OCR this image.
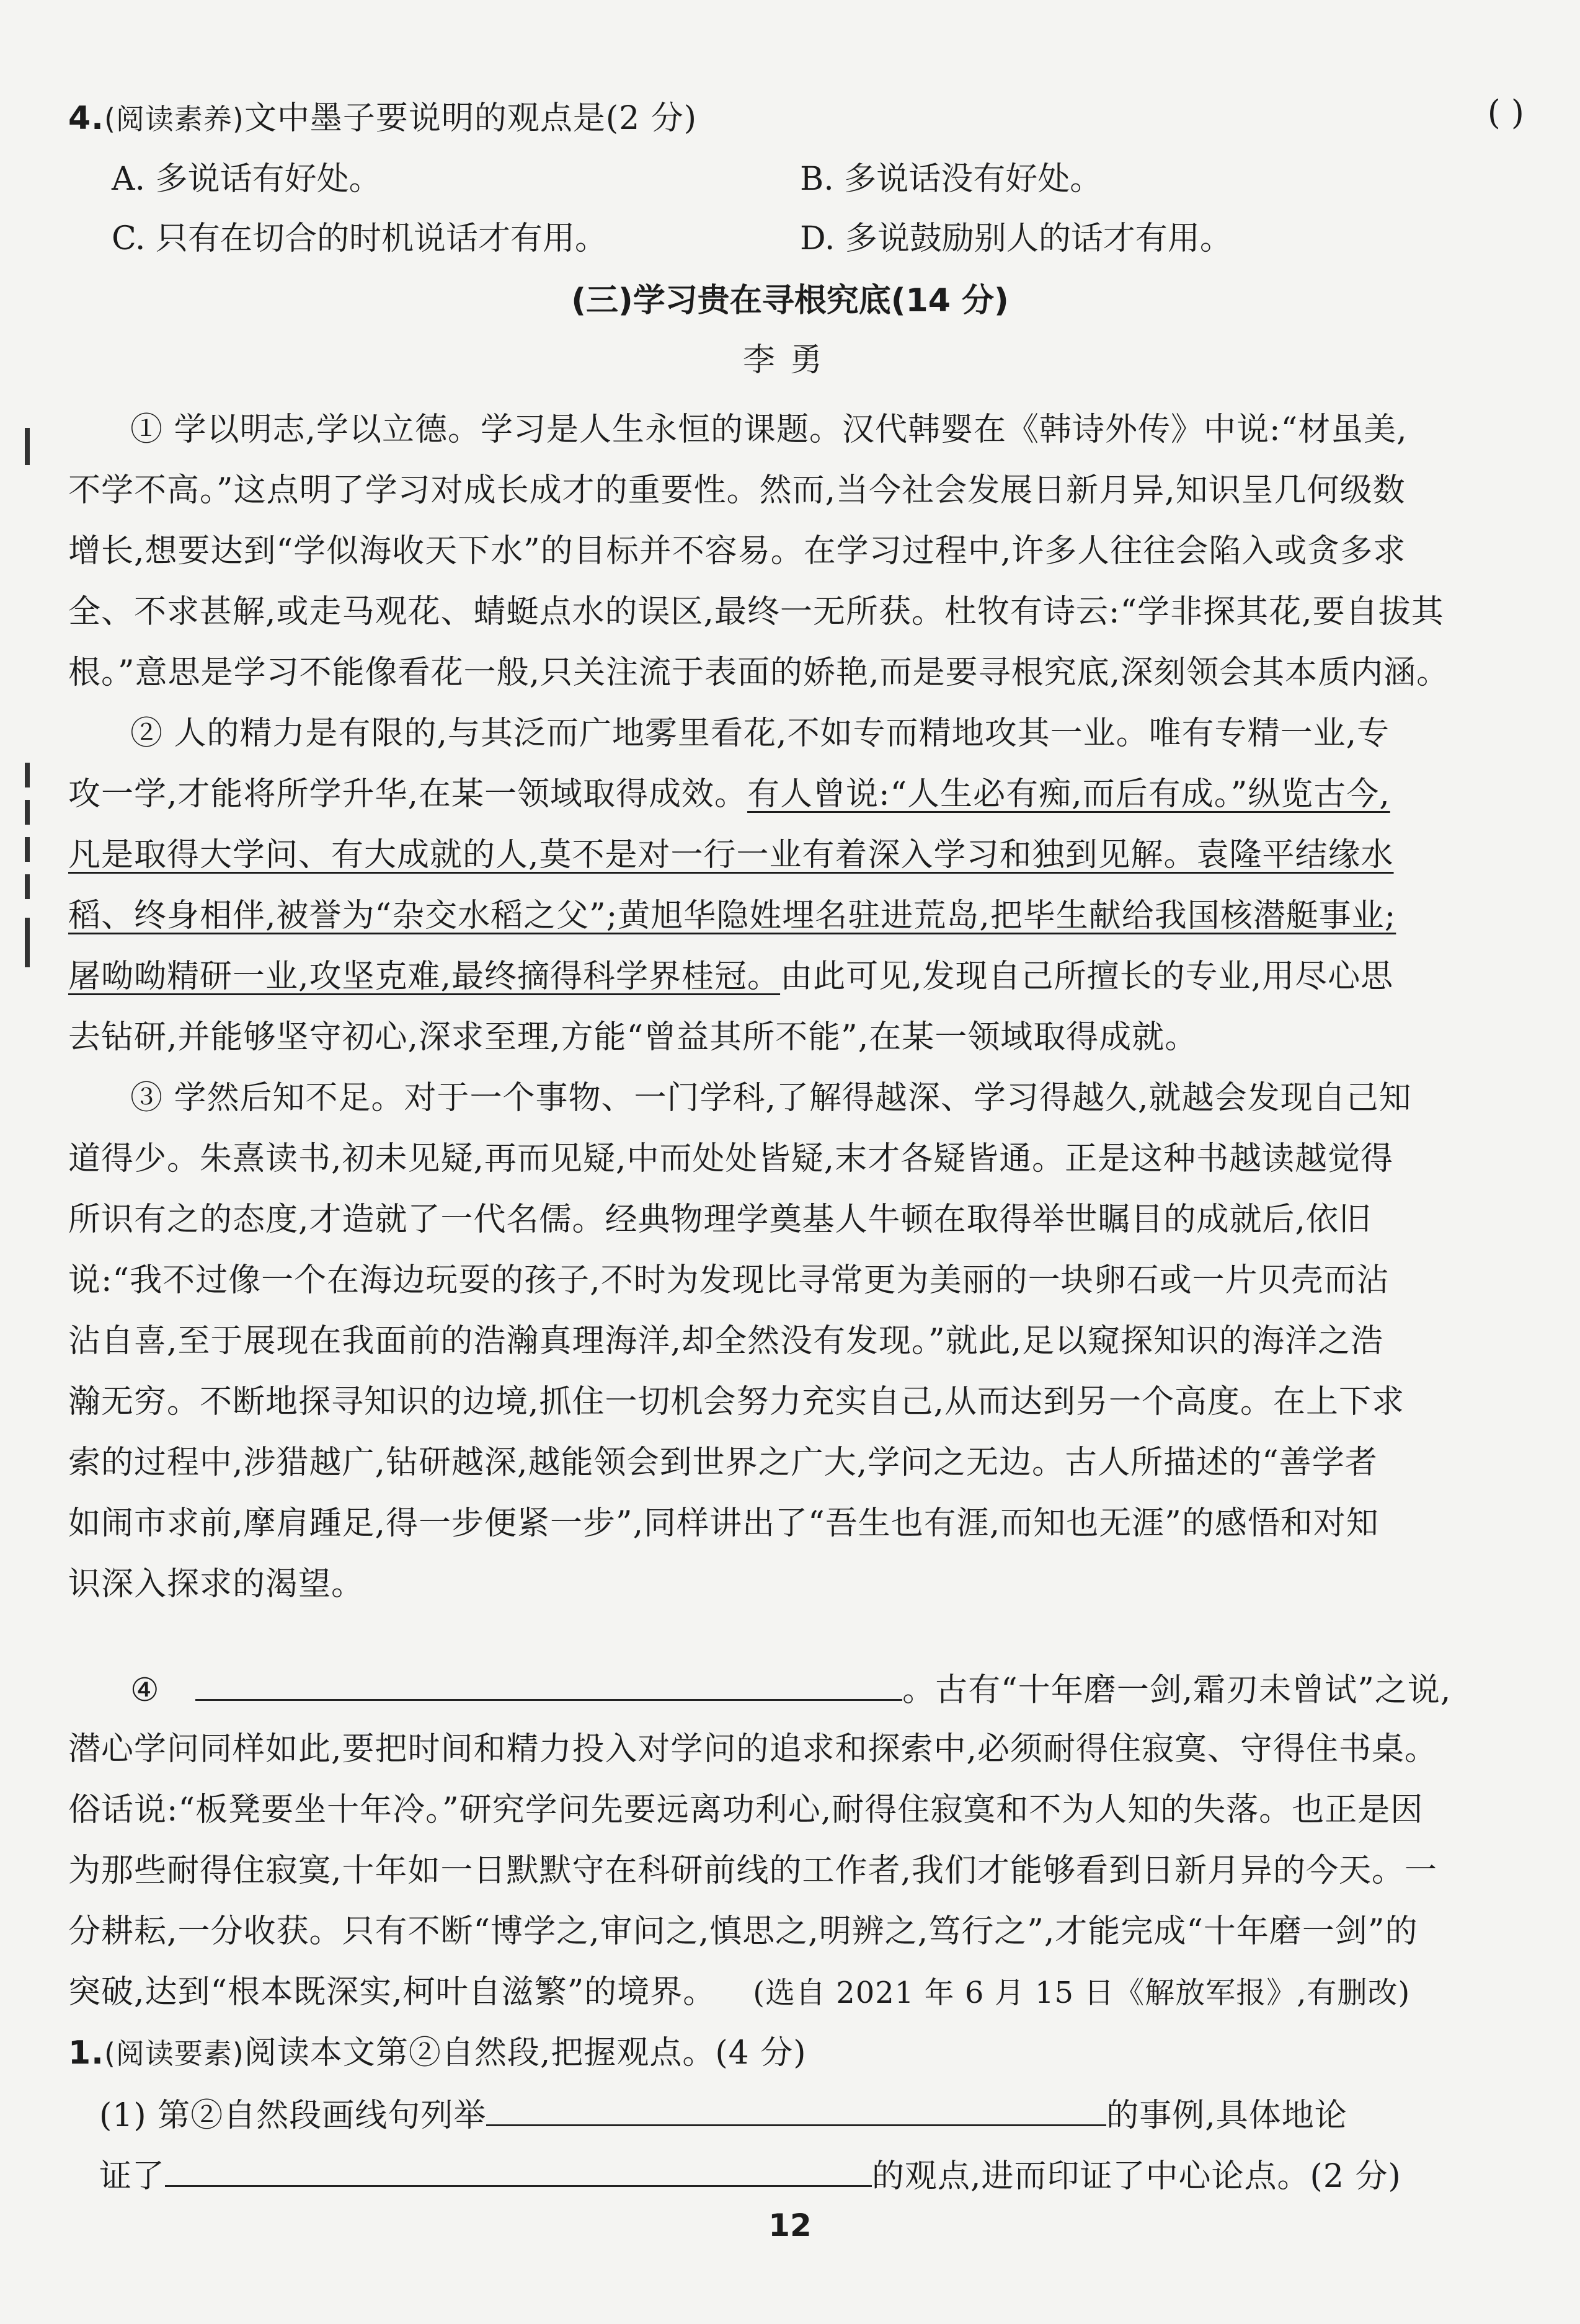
4.(阅读素养)文中墨子要说明的观点是(2 分)	( )
A. 多说话有好处。	B. 多说话没有好处。
C. 只有在切合的时机说话才有用。	D. 多说鼓励别人的话才有用。
(三)学习贵在寻根究底(14 分)
李勇
① 学以明志,学以立德。学习是人生永恒的课题。汉代韩婴在《韩诗外传》中说:“材虽美,
不学不高。”这点明了学习对成长成才的重要性。然而,当今社会发展日新月异,知识呈几何级数
增长,想要达到“学似海收天下水”的目标并不容易。在学习过程中,许多人往往会陷入或贪多求
全、不求甚解,或走马观花、蜻蜓点水的误区,最终一无所获。杜牧有诗云:“学非探其花,要自拔其
根。”意思是学习不能像看花一般,只关注流于表面的娇艳,而是要寻根究底,深刻领会其本质内涵。
② 人的精力是有限的,与其泛而广地雾里看花,不如专而精地攻其一业。唯有专精一业,专
攻一学,才能将所学升华,在某一领域取得成效。有人曾说:“人生必有痴,而后有成。”纵览古今,
凡是取得大学问、有大成就的人,莫不是对一行一业有着深入学习和独到见解。袁隆平结缘水
稻、终身相伴,被誉为“杂交水稻之父”;黄旭华隐姓埋名驻进荒岛,把毕生献给我国核潜艇事业;
屠呦呦精研一业,攻坚克难,最终摘得科学界桂冠。由此可见,发现自己所擅长的专业,用尽心思
去钻研,并能够坚守初心,深求至理,方能“曾益其所不能”,在某一领域取得成就。
③ 学然后知不足。对于一个事物、一门学科,了解得越深、学习得越久,就越会发现自己知
道得少。朱熹读书,初未见疑,再而见疑,中而处处皆疑,末才各疑皆通。正是这种书越读越觉得
所识有之的态度,才造就了一代名儒。经典物理学奠基人牛顿在取得举世瞩目的成就后,依旧
说:“我不过像一个在海边玩耍的孩子,不时为发现比寻常更为美丽的一块卵石或一片贝壳而沾
沾自喜,至于展现在我面前的浩瀚真理海洋,却全然没有发现。”就此,足以窥探知识的海洋之浩
瀚无穷。不断地探寻知识的边境,抓住一切机会努力充实自己,从而达到另一个高度。在上下求
索的过程中,涉猎越广,钻研越深,越能领会到世界之广大,学问之无边。古人所描述的“善学者
如闹市求前,摩肩踵足,得一步便紧一步”,同样讲出了“吾生也有涯,而知也无涯”的感悟和对知
识深入探求的渴望。
④	。古有“十年磨一剑,霜刃未曾试”之说,
潜心学问同样如此,要把时间和精力投入对学问的追求和探索中,必须耐得住寂寞、守得住书桌。
俗话说:“板凳要坐十年冷。”研究学问先要远离功利心,耐得住寂寞和不为人知的失落。也正是因
为那些耐得住寂寞,十年如一日默默守在科研前线的工作者,我们才能够看到日新月异的今天。一
分耕耘,一分收获。只有不断“博学之,审问之,慎思之,明辨之,笃行之”,才能完成“十年磨一剑”的
突破,达到“根本既深实,柯叶自滋繁”的境界。 (选自 2021 年 6 月 15 日《解放军报》,有删改)
1.(阅读要素)阅读本文第②自然段,把握观点。(4 分)
(1) 第②自然段画线句列举	的事例,具体地论
证了	的观点,进而印证了中心论点。(2 分)
12
